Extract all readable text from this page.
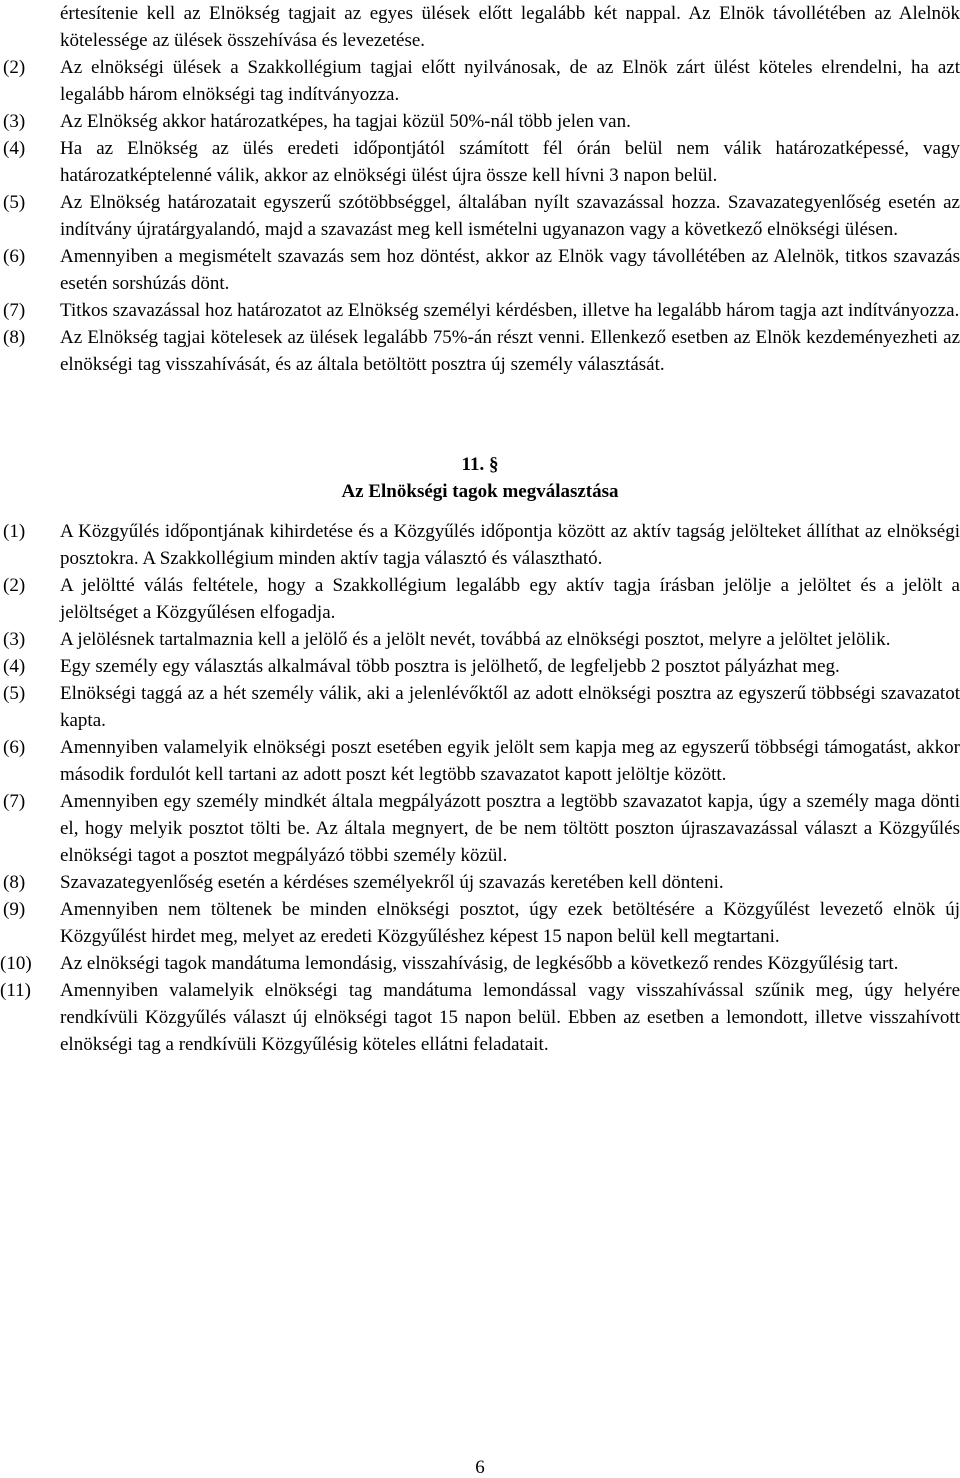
értesítenie kell az Elnökség tagjait az egyes ülések előtt legalább két nappal. Az Elnök távollétében az Alelnök kötelessége az ülések összehívása és levezetése.
(2) Az elnökségi ülések a Szakkollégium tagjai előtt nyilvánosak, de az Elnök zárt ülést köteles elrendelni, ha azt legalább három elnökségi tag indítványozza.
(3) Az Elnökség akkor határozatképes, ha tagjai közül 50%-nál több jelen van.
(4) Ha az Elnökség az ülés eredeti időpontjától számított fél órán belül nem válik határozatképessé, vagy határozatképtelenné válik, akkor az elnökségi ülést újra össze kell hívni 3 napon belül.
(5) Az Elnökség határozatait egyszerű szótöbbséggel, általában nyílt szavazással hozza. Szavazategyenlőség esetén az indítvány újratárgyalandó, majd a szavazást meg kell ismételni ugyanazon vagy a következő elnökségi ülésen.
(6) Amennyiben a megismételt szavazás sem hoz döntést, akkor az Elnök vagy távollétében az Alelnök, titkos szavazás esetén sorshúzás dönt.
(7) Titkos szavazással hoz határozatot az Elnökség személyi kérdésben, illetve ha legalább három tagja azt indítványozza.
(8) Az Elnökség tagjai kötelesek az ülések legalább 75%-án részt venni. Ellenkező esetben az Elnök kezdeményezheti az elnökségi tag visszahívását, és az általa betöltött posztra új személy választását.
11. §
Az Elnökségi tagok megválasztása
(1) A Közgyűlés időpontjának kihirdetése és a Közgyűlés időpontja között az aktív tagság jelölteket állíthat az elnökségi posztokra. A Szakkollégium minden aktív tagja választó és választható.
(2) A jelöltté válás feltétele, hogy a Szakkollégium legalább egy aktív tagja írásban jelölje a jelöltet és a jelölt a jelöltséget a Közgyűlésen elfogadja.
(3) A jelölésnek tartalmaznia kell a jelölő és a jelölt nevét, továbbá az elnökségi posztot, melyre a jelöltet jelölik.
(4) Egy személy egy választás alkalmával több posztra is jelölhető, de legfeljebb 2 posztot pályázhat meg.
(5) Elnökségi taggá az a hét személy válik, aki a jelenlévőktől az adott elnökségi posztra az egyszerű többségi szavazatot kapta.
(6) Amennyiben valamelyik elnökségi poszt esetében egyik jelölt sem kapja meg az egyszerű többségi támogatást, akkor második fordulót kell tartani az adott poszt két legtöbb szavazatot kapott jelöltje között.
(7) Amennyiben egy személy mindkét általa megpályázott posztra a legtöbb szavazatot kapja, úgy a személy maga dönti el, hogy melyik posztot tölti be. Az általa megnyert, de be nem töltött poszton újraszavazással választ a Közgyűlés elnökségi tagot a posztot megpályázó többi személy közül.
(8) Szavazategyenlőség esetén a kérdéses személyekről új szavazás keretében kell dönteni.
(9) Amennyiben nem töltenek be minden elnökségi posztot, úgy ezek betöltésére a Közgyűlést levezető elnök új Közgyűlést hirdet meg, melyet az eredeti Közgyűléshez képest 15 napon belül kell megtartani.
(10) Az elnökségi tagok mandátuma lemondásig, visszahívásig, de legkésőbb a következő rendes Közgyűlésig tart.
(11) Amennyiben valamelyik elnökségi tag mandátuma lemondással vagy visszahívással szűnik meg, úgy helyére rendkívüli Közgyűlés választ új elnökségi tagot 15 napon belül. Ebben az esetben a lemondott, illetve visszahívott elnökségi tag a rendkívüli Közgyűlésig köteles ellátni feladatait.
6
